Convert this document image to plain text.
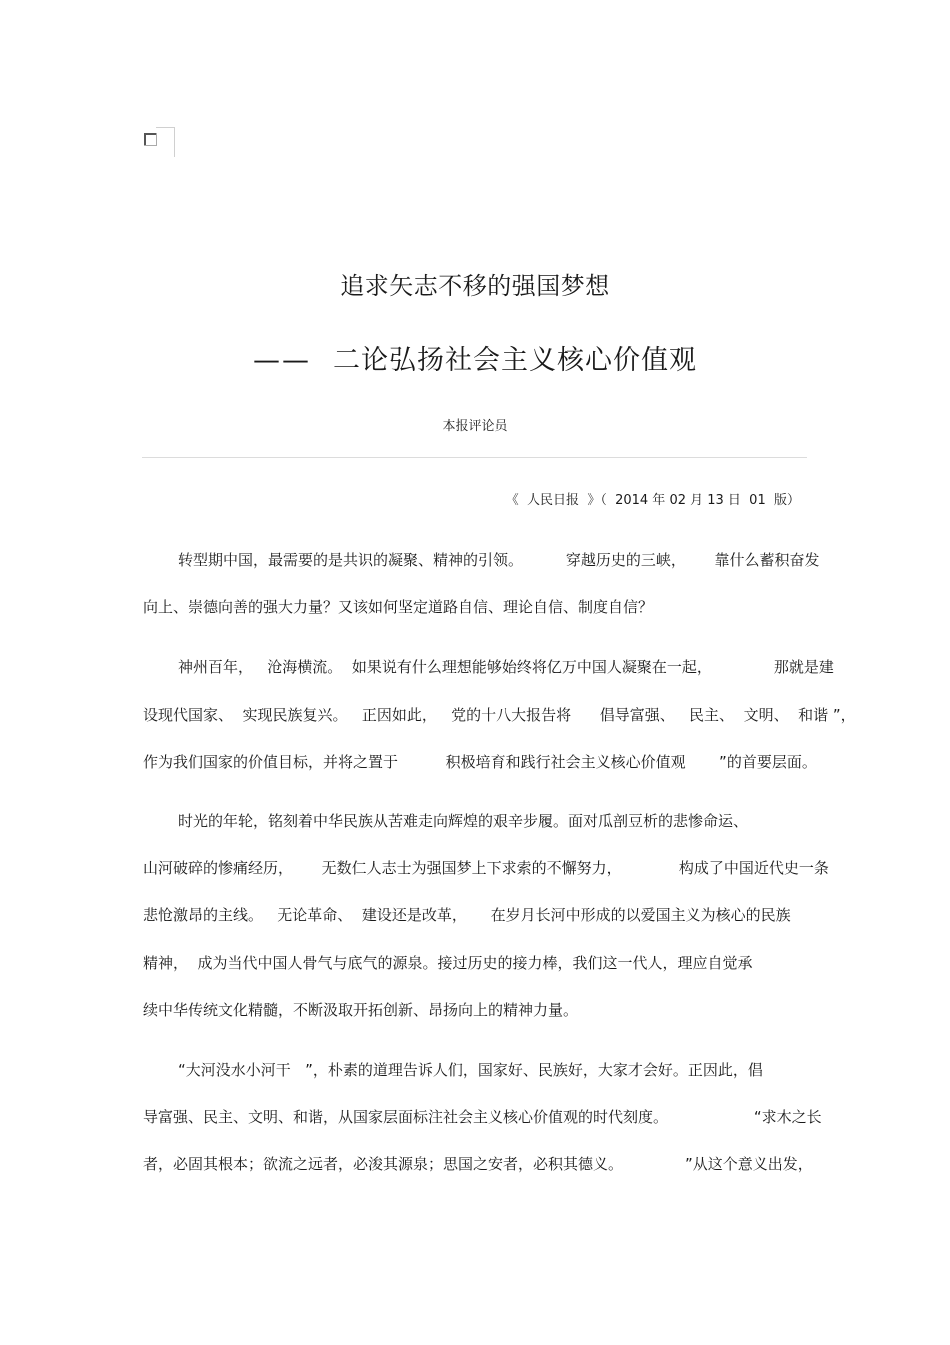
追求矢志不移的强国梦想
—— 二论弘扬社会主义核心价值观
本报评论员
《  人民日报  》（  2014 年 02 月 13 日  01  版）
转型期中国，最需要的是共识的凝聚、精神的引领。         穿越历史的三峡，      靠什么蓄积奋发
向上、崇德向善的强大力量？又该如何坚定道路自信、理论自信、制度自信？
神州百年，   沧海横流。  如果说有什么理想能够始终将亿万中国人凝聚在一起，             那就是建
设现代国家、  实现民族复兴。   正因如此，   党的十八大报告将      倡导富强、   民主、  文明、  和谐 ”，
作为我们国家的价值目标，并将之置于          积极培育和践行社会主义核心价值观       ”的首要层面。
时光的年轮，铭刻着中华民族从苦难走向辉煌的艰辛步履。面对瓜剖豆析的悲惨命运、
山河破碎的惨痛经历，      无数仁人志士为强国梦上下求索的不懈努力，            构成了中国近代史一条
悲怆激昂的主线。   无论革命、  建设还是改革，     在岁月长河中形成的以爱国主义为核心的民族
精神，  成为当代中国人骨气与底气的源泉。接过历史的接力棒，我们这一代人，理应自觉承
续中华传统文化精髓，不断汲取开拓创新、昂扬向上的精神力量。
“大河没水小河干   ”，朴素的道理告诉人们，国家好、民族好，大家才会好。正因此，倡
导富强、民主、文明、和谐，从国家层面标注社会主义核心价值观的时代刻度。                  “求木之长
者，必固其根本；欲流之远者，必浚其源泉；思国之安者，必积其德义。             ”从这个意义出发，
